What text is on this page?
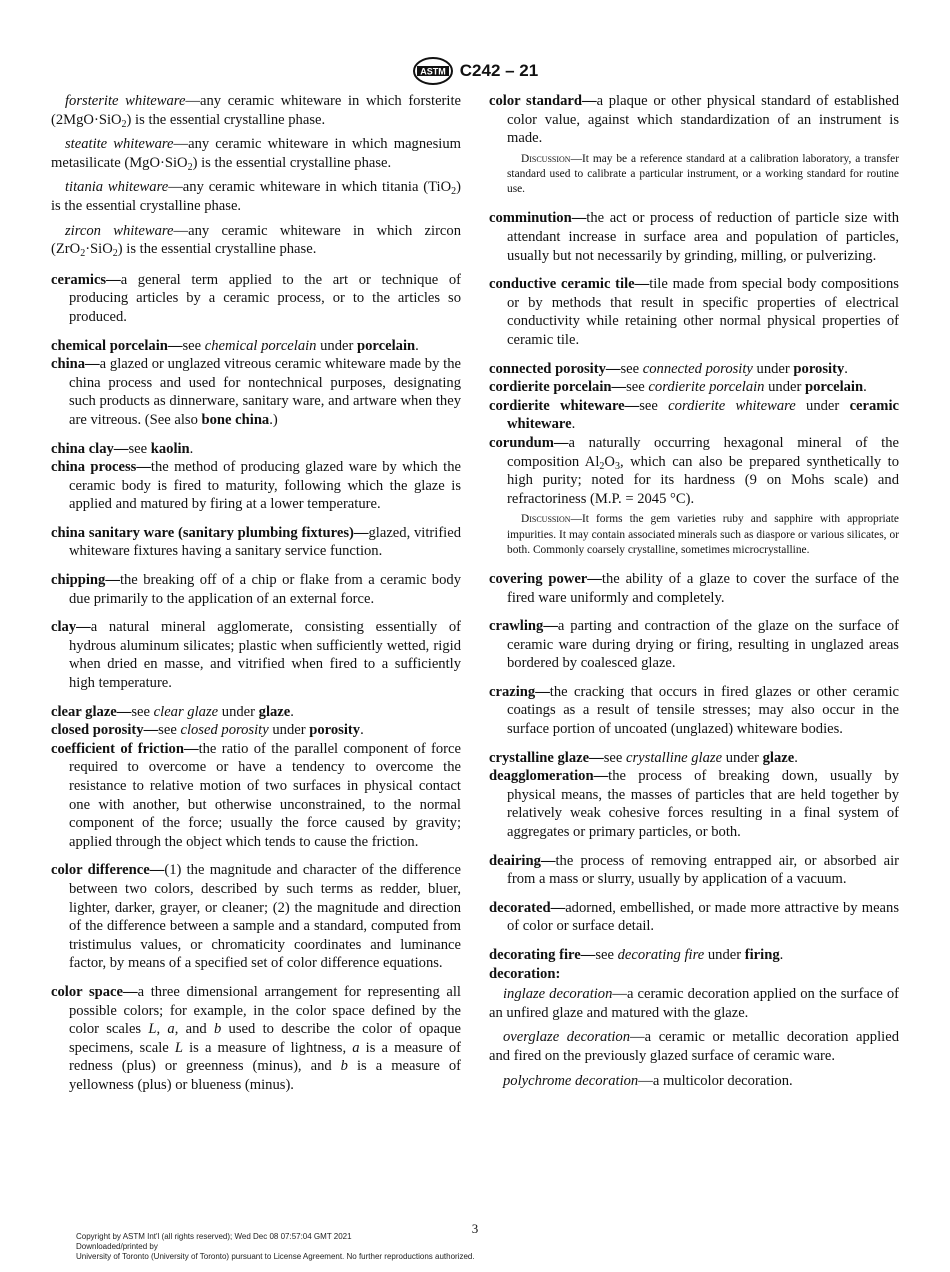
ASTM C242 – 21

forsterite whiteware—any ceramic whiteware in which forsterite (2MgO·SiO$_2$) is the essential crystalline phase.

steatite whiteware—any ceramic whiteware in which magnesium metasilicate (MgO·SiO$_2$) is the essential crystalline phase.

titania whiteware—any ceramic whiteware in which titania (TiO$_2$) is the essential crystalline phase.

zircon whiteware—any ceramic whiteware in which zircon (ZrO$_2$·SiO$_2$) is the essential crystalline phase.

ceramics—a general term applied to the art or technique of producing articles by a ceramic process, or to the articles so produced.

chemical porcelain—see chemical porcelain under porcelain.

china—a glazed or unglazed vitreous ceramic whiteware made by the china process and used for nontechnical purposes, designating such products as dinnerware, sanitary ware, and artware when they are vitreous. (See also bone china.)

china clay—see kaolin.

china process—the method of producing glazed ware by which the ceramic body is fired to maturity, following which the glaze is applied and matured by firing at a lower temperature.

china sanitary ware (sanitary plumbing fixtures)—glazed, vitrified whiteware fixtures having a sanitary service function.

chipping—the breaking off of a chip or flake from a ceramic body due primarily to the application of an external force.

clay—a natural mineral agglomerate, consisting essentially of hydrous aluminum silicates; plastic when sufficiently wetted, rigid when dried en masse, and vitrified when fired to a sufficiently high temperature.

clear glaze—see clear glaze under glaze.

closed porosity—see closed porosity under porosity.

coefficient of friction—the ratio of the parallel component of force required to overcome or have a tendency to overcome the resistance to relative motion of two surfaces in physical contact one with another, but otherwise unconstrained, to the normal component of the force; usually the force caused by gravity; applied through the object which tends to cause the friction.

color difference—(1) the magnitude and character of the difference between two colors, described by such terms as redder, bluer, lighter, darker, grayer, or cleaner; (2) the magnitude and direction of the difference between a sample and a standard, computed from tristimulus values, or chromaticity coordinates and luminance factor, by means of a specified set of color difference equations.

color space—a three dimensional arrangement for representing all possible colors; for example, in the color space defined by the color scales L, a, and b used to describe the color of opaque specimens, scale L is a measure of lightness, a is a measure of redness (plus) or greenness (minus), and b is a measure of yellowness (plus) or blueness (minus).

color standard—a plaque or other physical standard of established color value, against which standardization of an instrument is made.

Discussion—It may be a reference standard at a calibration laboratory, a transfer standard used to calibrate a particular instrument, or a working standard for routine use.

comminution—the act or process of reduction of particle size with attendant increase in surface area and population of particles, usually but not necessarily by grinding, milling, or pulverizing.

conductive ceramic tile—tile made from special body compositions or by methods that result in specific properties of electrical conductivity while retaining other normal physical properties of ceramic tile.

connected porosity—see connected porosity under porosity.

cordierite porcelain—see cordierite porcelain under porcelain.

cordierite whiteware—see cordierite whiteware under ceramic whiteware.

corundum—a naturally occurring hexagonal mineral of the composition $Al_2O_3$, which can also be prepared synthetically to high purity; noted for its hardness (9 on Mohs scale) and refractoriness (M.P. = 2045 °C).

Discussion—It forms the gem varieties ruby and sapphire with appropriate impurities. It may contain associated minerals such as diaspore or various silicates, or both. Commonly coarsely crystalline, sometimes microcrystalline.

covering power—the ability of a glaze to cover the surface of the fired ware uniformly and completely.

crawling—a parting and contraction of the glaze on the surface of ceramic ware during drying or firing, resulting in unglazed areas bordered by coalesced glaze.

crazing—the cracking that occurs in fired glazes or other ceramic coatings as a result of tensile stresses; may also occur in the surface portion of uncoated (unglazed) whiteware bodies.

crystalline glaze—see crystalline glaze under glaze.

deagglomeration—the process of breaking down, usually by physical means, the masses of particles that are held together by relatively weak cohesive forces resulting in a final system of aggregates or primary particles, or both.

deairing—the process of removing entrapped air, or absorbed air from a mass or slurry, usually by application of a vacuum.

decorated—adorned, embellished, or made more attractive by means of color or surface detail.

decorating fire—see decorating fire under firing.

decoration:

inglaze decoration—a ceramic decoration applied on the surface of an unfired glaze and matured with the glaze.

overglaze decoration—a ceramic or metallic decoration applied and fired on the previously glazed surface of ceramic ware.

polychrome decoration—a multicolor decoration.

3
Copyright by ASTM Int'l (all rights reserved); Wed Dec 08 07:57:04 GMT 2021
Downloaded/printed by
University of Toronto (University of Toronto) pursuant to License Agreement. No further reproductions authorized.
